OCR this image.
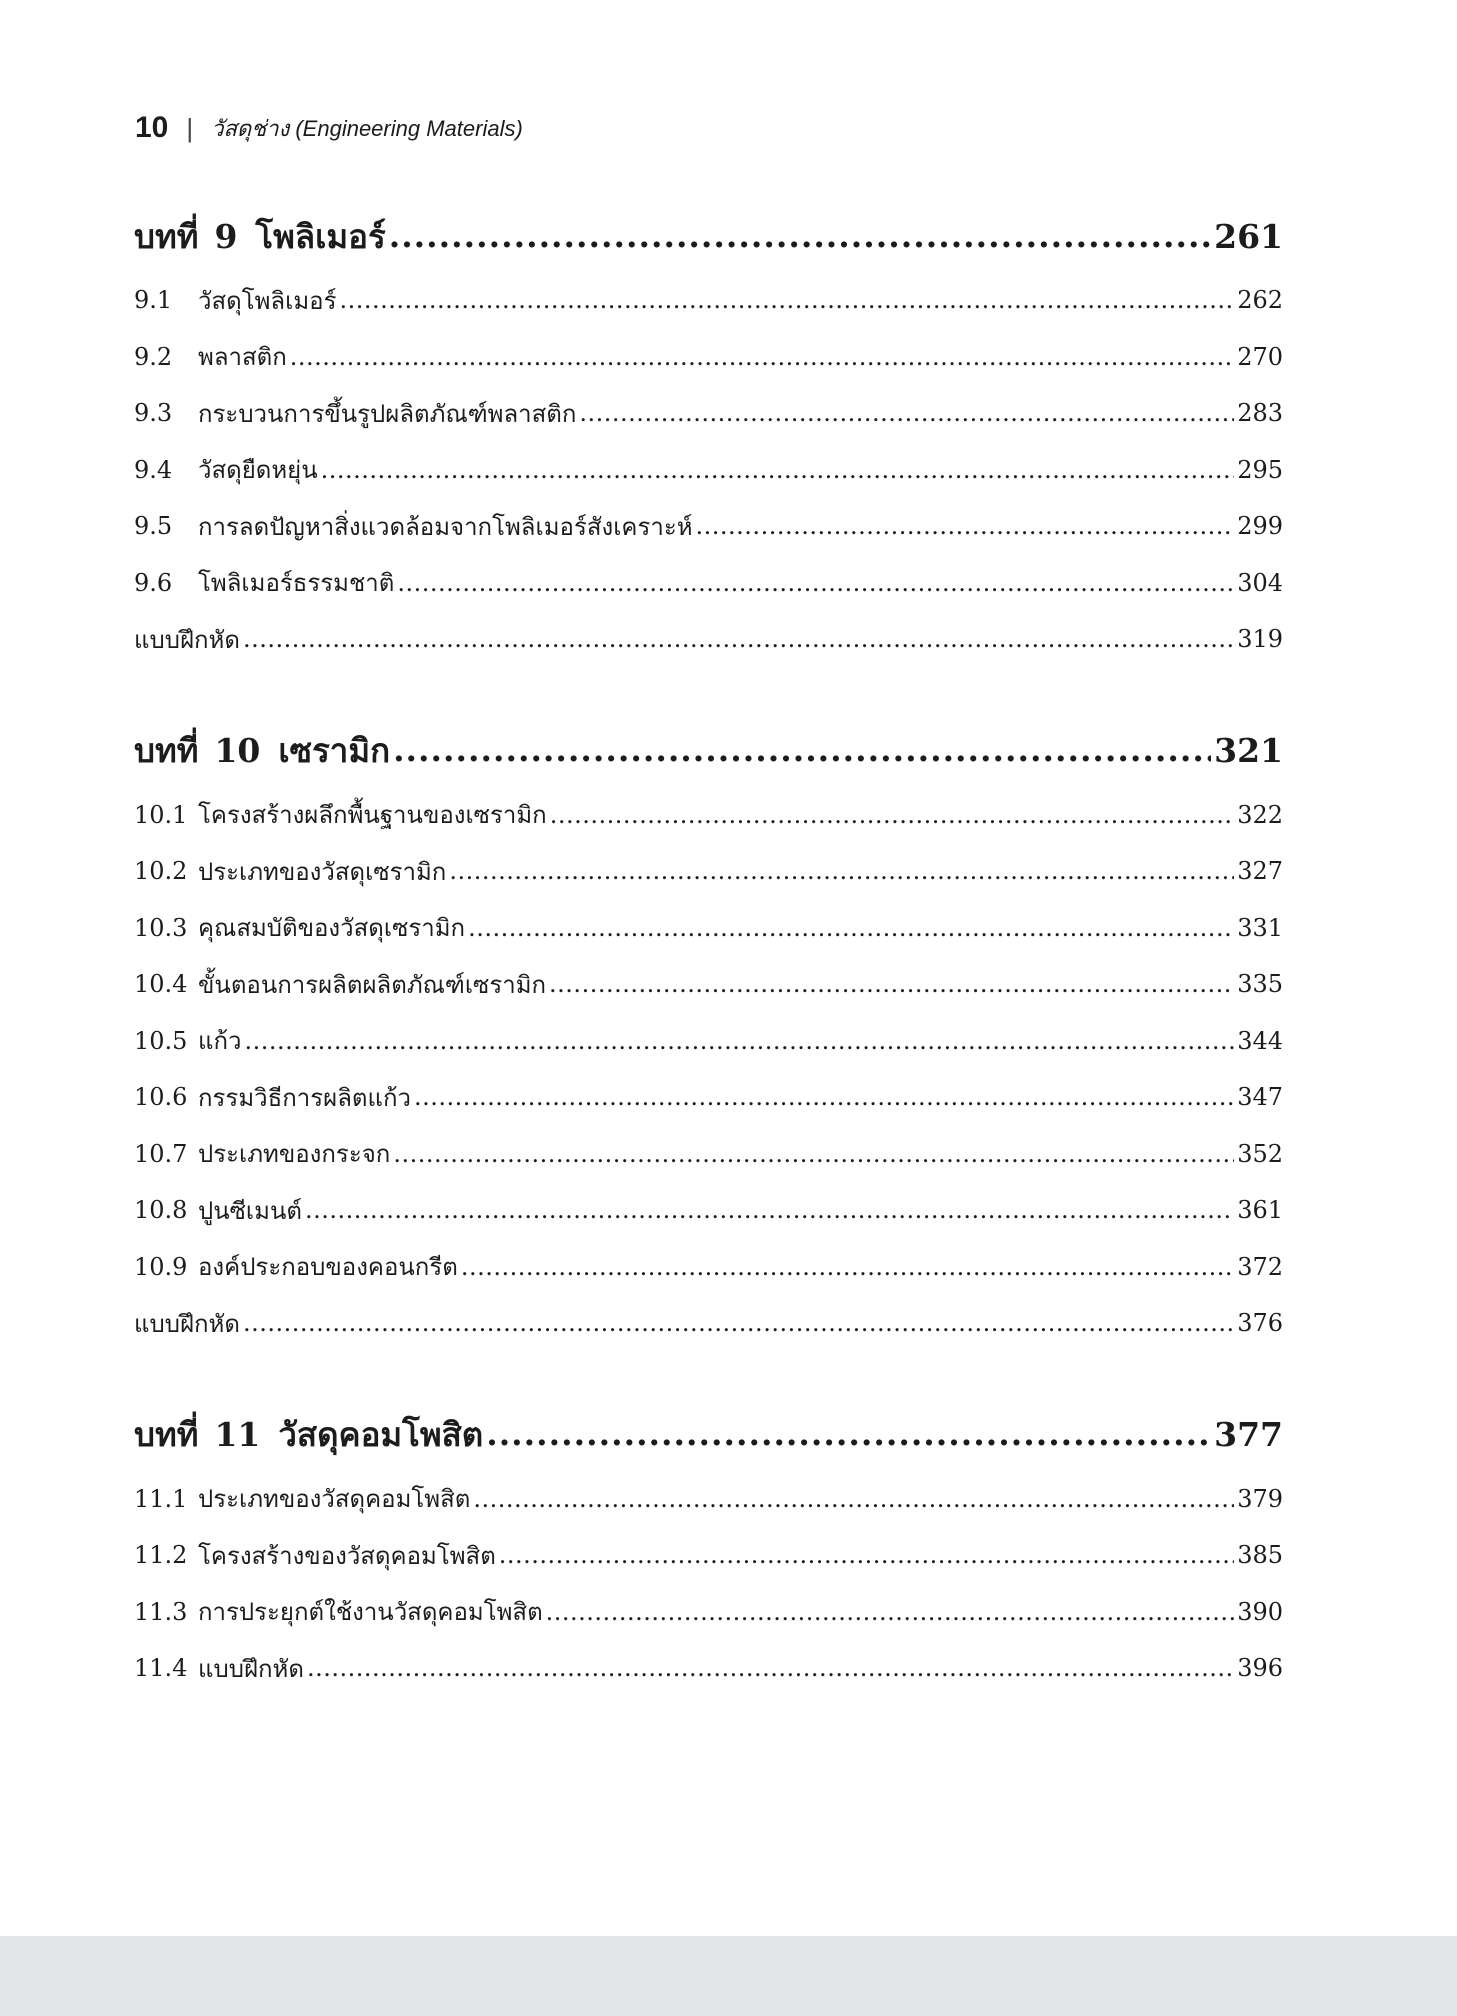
10 | วัสดุช่าง (Engineering Materials)
บทที่ 9 โพลิเมอร์ .....	261
9.1	วัสดุโพลิเมอร์ .....	262
9.2	พลาสติก .....	270
9.3	กระบวนการขึ้นรูปผลิตภัณฑ์พลาสติก .....	283
9.4	วัสดุยืดหยุ่น .....	295
9.5	การลดปัญหาสิ่งแวดล้อมจากโพลิเมอร์สังเคราะห์ .....	299
9.6	โพลิเมอร์ธรรมชาติ .....	304
แบบฝึกหัด .....	319
บทที่ 10 เซรามิก .....	321
10.1 โครงสร้างผลึกพื้นฐานของเซรามิก .....	322
10.2 ประเภทของวัสดุเซรามิก .....	327
10.3 คุณสมบัติของวัสดุเซรามิก .....	331
10.4 ขั้นตอนการผลิตผลิตภัณฑ์เซรามิก .....	335
10.5 แก้ว .....	344
10.6 กรรมวิธีการผลิตแก้ว .....	347
10.7 ประเภทของกระจก .....	352
10.8 ปูนซีเมนต์ .....	361
10.9 องค์ประกอบของคอนกรีต .....	372
แบบฝึกหัด .....	376
บทที่ 11 วัสดุคอมโพสิต .....	377
11.1 ประเภทของวัสดุคอมโพสิต .....	379
11.2 โครงสร้างของวัสดุคอมโพสิต .....	385
11.3 การประยุกต์ใช้งานวัสดุคอมโพสิต .....	390
11.4 แบบฝึกหัด .....	396
